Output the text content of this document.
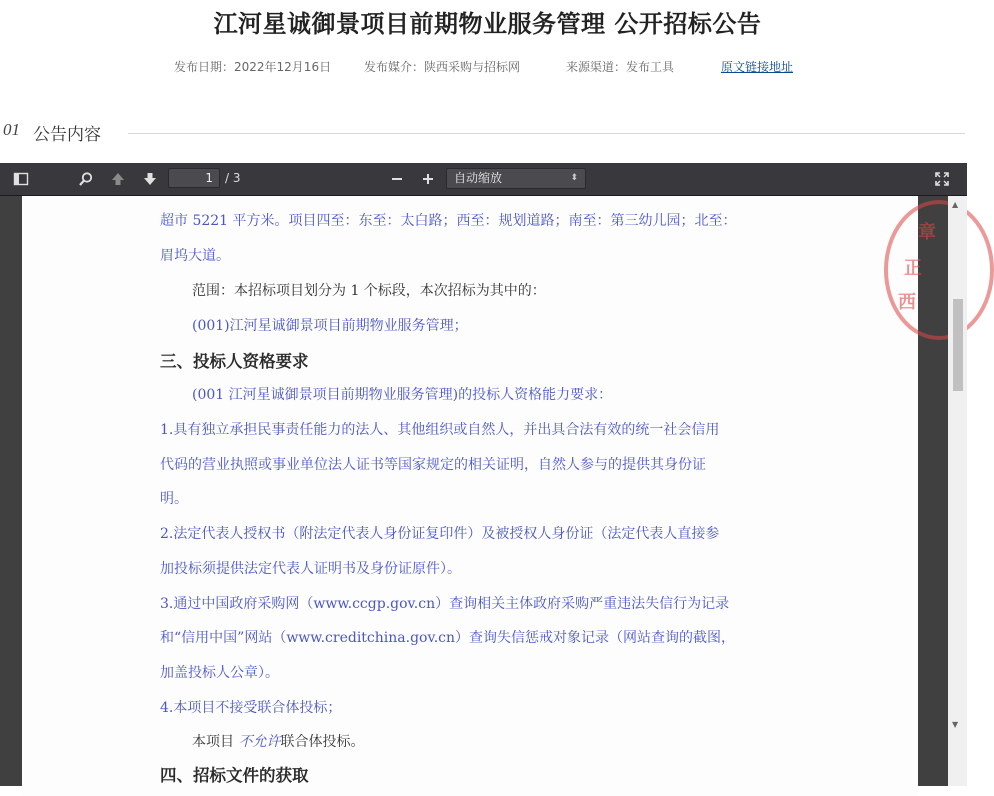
江河星诚御景项目前期物业服务管理 公开招标公告
发布日期：2022年12月16日	发布媒介：陕西采购与招标网	来源渠道：发布工具	原文链接地址
01 公告内容
1	/ 3	自动缩放	⬍
西
正
章
超市 5221 平方米。项目四至：东至：太白路；西至：规划道路；南至：第三幼儿园；北至：
眉坞大道。
范围：本招标项目划分为 1 个标段，本次招标为其中的：
(001)江河星诚御景项目前期物业服务管理；
三、投标人资格要求
(001 江河星诚御景项目前期物业服务管理)的投标人资格能力要求：
1.具有独立承担民事责任能力的法人、其他组织或自然人，并出具合法有效的统一社会信用
代码的营业执照或事业单位法人证书等国家规定的相关证明，自然人参与的提供其身份证
明。
2.法定代表人授权书（附法定代表人身份证复印件）及被授权人身份证（法定代表人直接参
加投标须提供法定代表人证明书及身份证原件）。
3.通过中国政府采购网（www.ccgp.gov.cn）查询相关主体政府采购严重违法失信行为记录
和“信用中国”网站（www.creditchina.gov.cn）查询失信惩戒对象记录（网站查询的截图，
加盖投标人公章）。
4.本项目不接受联合体投标；
本项目 不允许联合体投标。
四、招标文件的获取
▲
▼
